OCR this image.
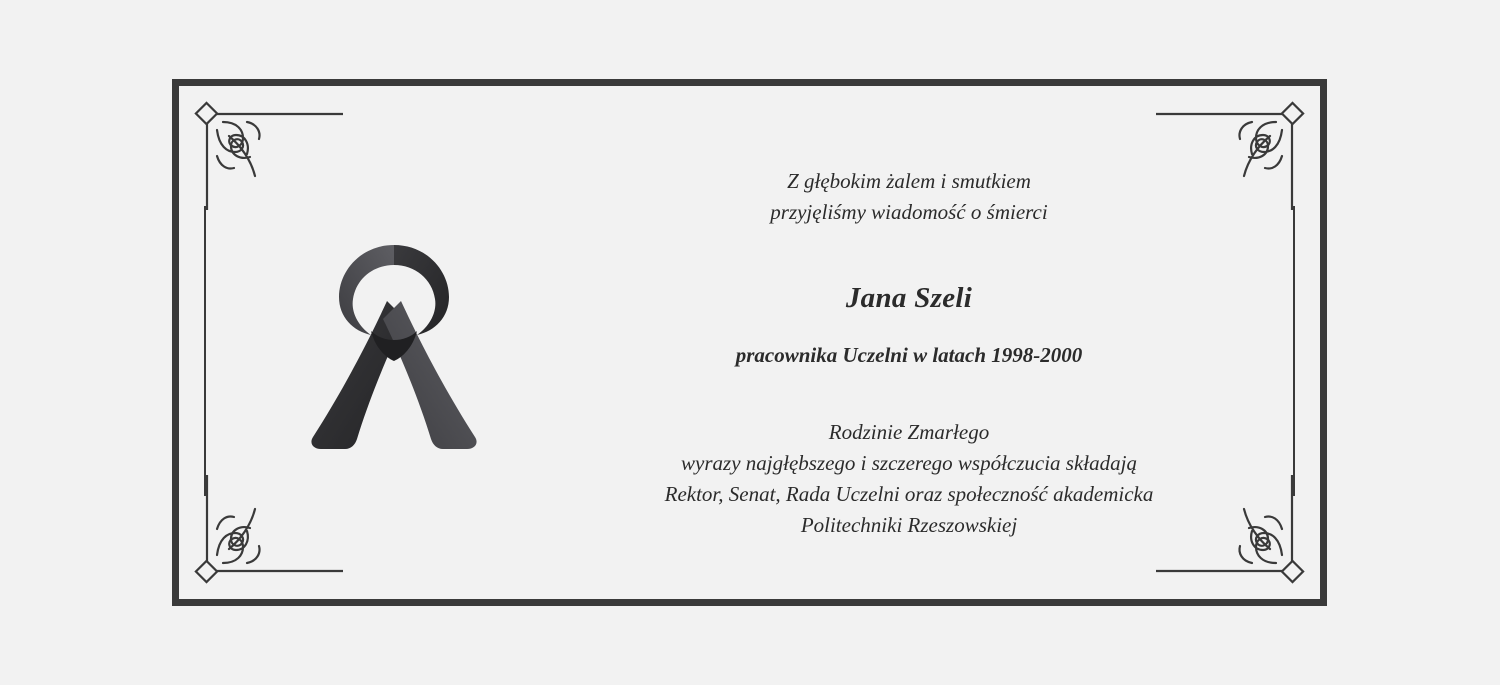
Z głębokim żalem i smutkiem
przyjęliśmy wiadomość o śmierci
Jana Szeli
pracownika Uczelni w latach 1998-2000
Rodzinie Zmarłego
wyrazy najgłębszego i szczerego współczucia składają
Rektor, Senat, Rada Uczelni oraz społeczność akademicka
Politechniki Rzeszowskiej
